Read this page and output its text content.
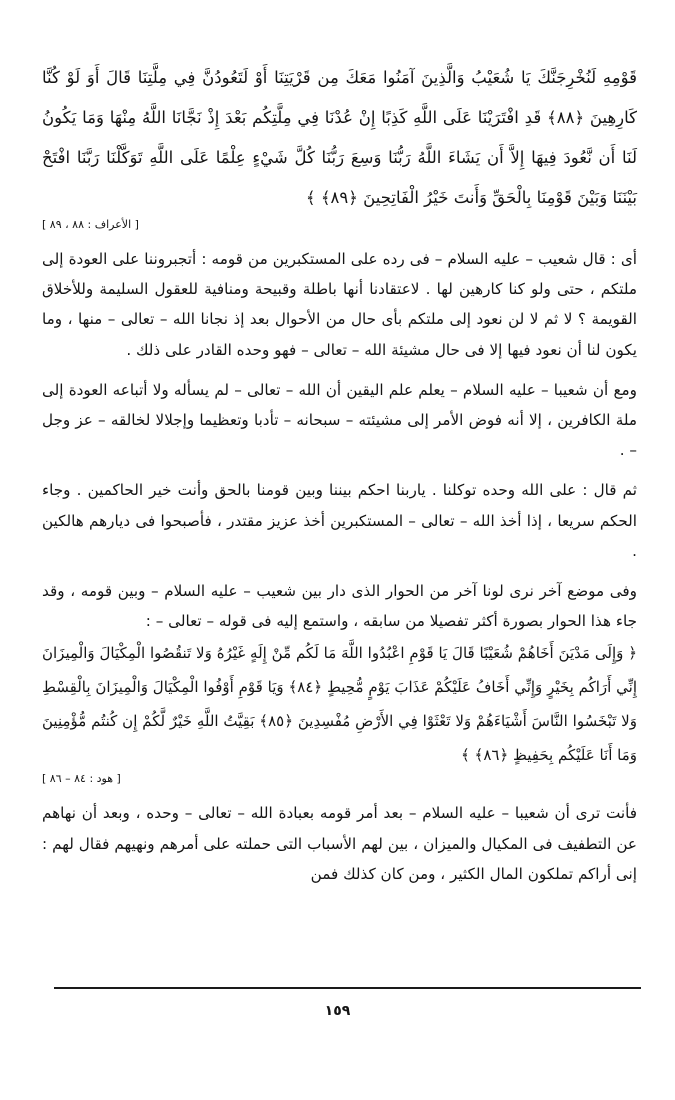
قَوْمِهِ لَنُخْرِجَنَّكَ يَا شُعَيْبُ وَالَّذِينَ آمَنُوا مَعَكَ مِن قَرْيَتِنَا أَوْ لَتَعُودُنَّ فِي مِلَّتِنَا قَالَ أَوَ لَوْ كُنَّا كَارِهِينَ ﴿٨٨﴾ قَدِ افْتَرَيْنَا عَلَى اللَّهِ كَذِبًا إِنْ عُدْنَا فِي مِلَّتِكُم بَعْدَ إِذْ نَجَّانَا اللَّهُ مِنْهَا وَمَا يَكُونُ لَنَا أَن نَّعُودَ فِيهَا إِلاَّ أَن يَشَاءَ اللَّهُ رَبُّنَا وَسِعَ رَبُّنَا كُلَّ شَيْءٍ عِلْمًا عَلَى اللَّهِ تَوَكَّلْنَا رَبَّنَا افْتَحْ بَيْنَنَا وَبَيْنَ قَوْمِنَا بِالْحَقِّ وَأَنتَ خَيْرُ الْفَاتِحِينَ ﴿٨٩﴾ ﴾

[ الأعراف : ٨٨ ، ٨٩ ]

أى : قال شعيب – عليه السلام – فى رده على المستكبرين من قومه : أتجبروننا على العودة إلى ملتكم ، حتى ولو كنا كارهين لها . لاعتقادنا أنها باطلة وقبيحة ومنافية للعقول السليمة وللأخلاق القويمة ؟ لا ثم لا لن نعود إلى ملتكم بأى حال من الأحوال بعد إذ نجانا الله – تعالى – منها ، وما يكون لنا أن نعود فيها إلا فى حال مشيئة الله – تعالى – فهو وحده القادر على ذلك .

ومع أن شعيبا – عليه السلام – يعلم علم اليقين أن الله – تعالى – لم يسأله ولا أتباعه العودة إلى ملة الكافرين ، إلا أنه فوض الأمر إلى مشيئته – سبحانه – تأدبا وتعظيما وإجلالا لخالقه – عز وجل – .

ثم قال : على الله وحده توكلنا . ياربنا احكم بيننا وبين قومنا بالحق وأنت خير الحاكمين . وجاء الحكم سريعا ، إذا أخذ الله – تعالى – المستكبرين أخذ عزيز مقتدر ، فأصبحوا فى ديارهم هالكين .

وفى موضع آخر نرى لونا آخر من الحوار الذى دار بين شعيب – عليه السلام – وبين قومه ، وقد جاء هذا الحوار بصورة أكثر تفصيلا من سابقه ، واستمع إليه فى قوله – تعالى – :

﴿ وَإِلَى مَدْيَنَ أَخَاهُمْ شُعَيْبًا قَالَ يَا قَوْمِ اعْبُدُوا اللَّهَ مَا لَكُم مِّنْ إِلَهٍ غَيْرُهُ وَلا تَنقُصُوا الْمِكْيَالَ وَالْمِيزَانَ إِنِّي أَرَاكُم بِخَيْرٍ وَإِنِّي أَخَافُ عَلَيْكُمْ عَذَابَ يَوْمٍ مُّحِيطٍ ﴿٨٤﴾ وَيَا قَوْمِ أَوْفُوا الْمِكْيَالَ وَالْمِيزَانَ بِالْقِسْطِ وَلا تَبْخَسُوا النَّاسَ أَشْيَاءَهُمْ وَلا تَعْثَوْا فِي الأَرْضِ مُفْسِدِينَ ﴿٨٥﴾ بَقِيَّتُ اللَّهِ خَيْرٌ لَّكُمْ إِن كُنتُم مُّؤْمِنِينَ وَمَا أَنَا عَلَيْكُم بِحَفِيظٍ ﴿٨٦﴾ ﴾

[ هود : ٨٤ – ٨٦ ]

فأنت ترى أن شعيبا – عليه السلام – بعد أمر قومه بعبادة الله – تعالى – وحده ، وبعد أن نهاهم عن التطفيف فى المكيال والميزان ، بين لهم الأسباب التى حملته على أمرهم ونهيهم فقال لهم : إنى أراكم تملكون المال الكثير ، ومن كان كذلك فمن

١٥٩
